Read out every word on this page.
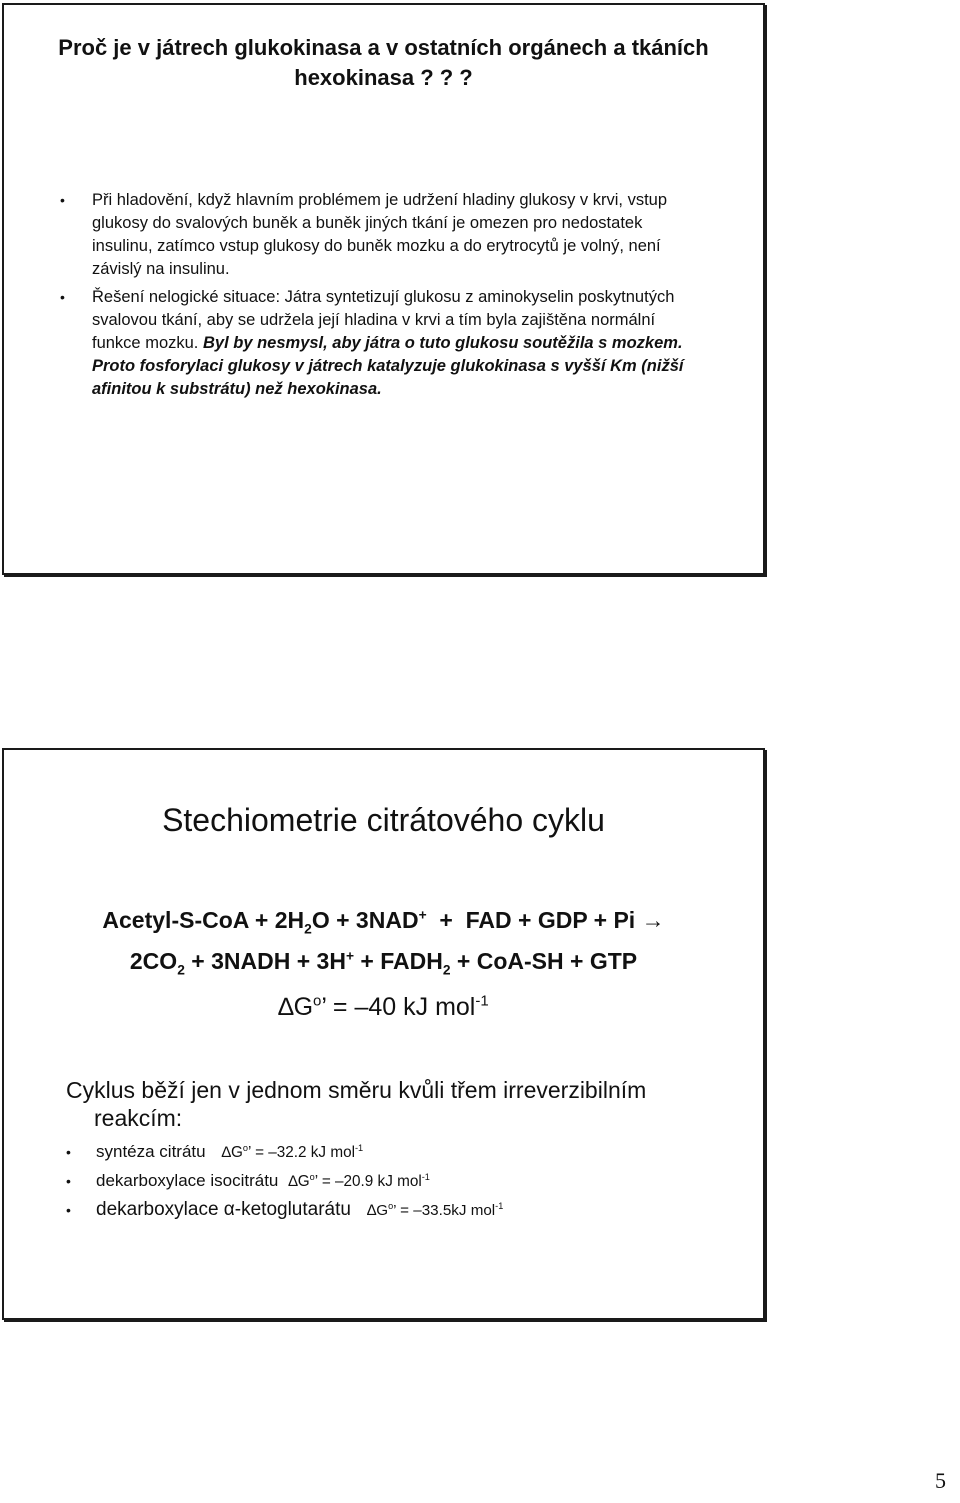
Proč je v játrech glukokinasa a v ostatních orgánech a tkáních hexokinasa ? ? ?
• Při hladovění, když hlavním problémem je udržení hladiny glukosy v krvi, vstup glukosy do svalových buněk a buněk jiných tkání je omezen pro nedostatek insulinu, zatímco vstup glukosy do buněk mozku a do erytrocytů je volný, není závislý na insulinu.
• Řešení nelogické situace: Játra syntetizují glukosu z aminokyselin poskytnutých svalovou tkání, aby se udržela její hladina v krvi a tím byla zajištěna normální funkce mozku. Byl by nesmysl, aby játra o tuto glukosu soutěžila s mozkem. Proto fosforylaci glukosy v játrech katalyzuje glukokinasa s vyšší Km (nižší afinitou k substrátu) než hexokinasa.
Stechiometrie citrátového cyklu
Acetyl-S-CoA + $2H_2O + 3NAD^+$  +  FAD + GDP + Pi →
$2CO_2$ + 3NADH + $3H^+ + FADH_2 + CoA-SH$ + GTP
$\Delta G^o$’ = –40 kJ mol$^{-1}$
Cyklus běží jen v jednom směru kvůli třem irreverzibilním
reakcím:
• syntéza citrátu $\Delta G^o$’ = –32.2 kJ mol$^{-1}$
• dekarboxylace isocitrátu $\Delta G^o$’ = –20.9 kJ mol$^{-1}$
• dekarboxylace α-ketoglutarátu $\Delta G^o$’ = –33.5kJ mol$^{-1}$
5
